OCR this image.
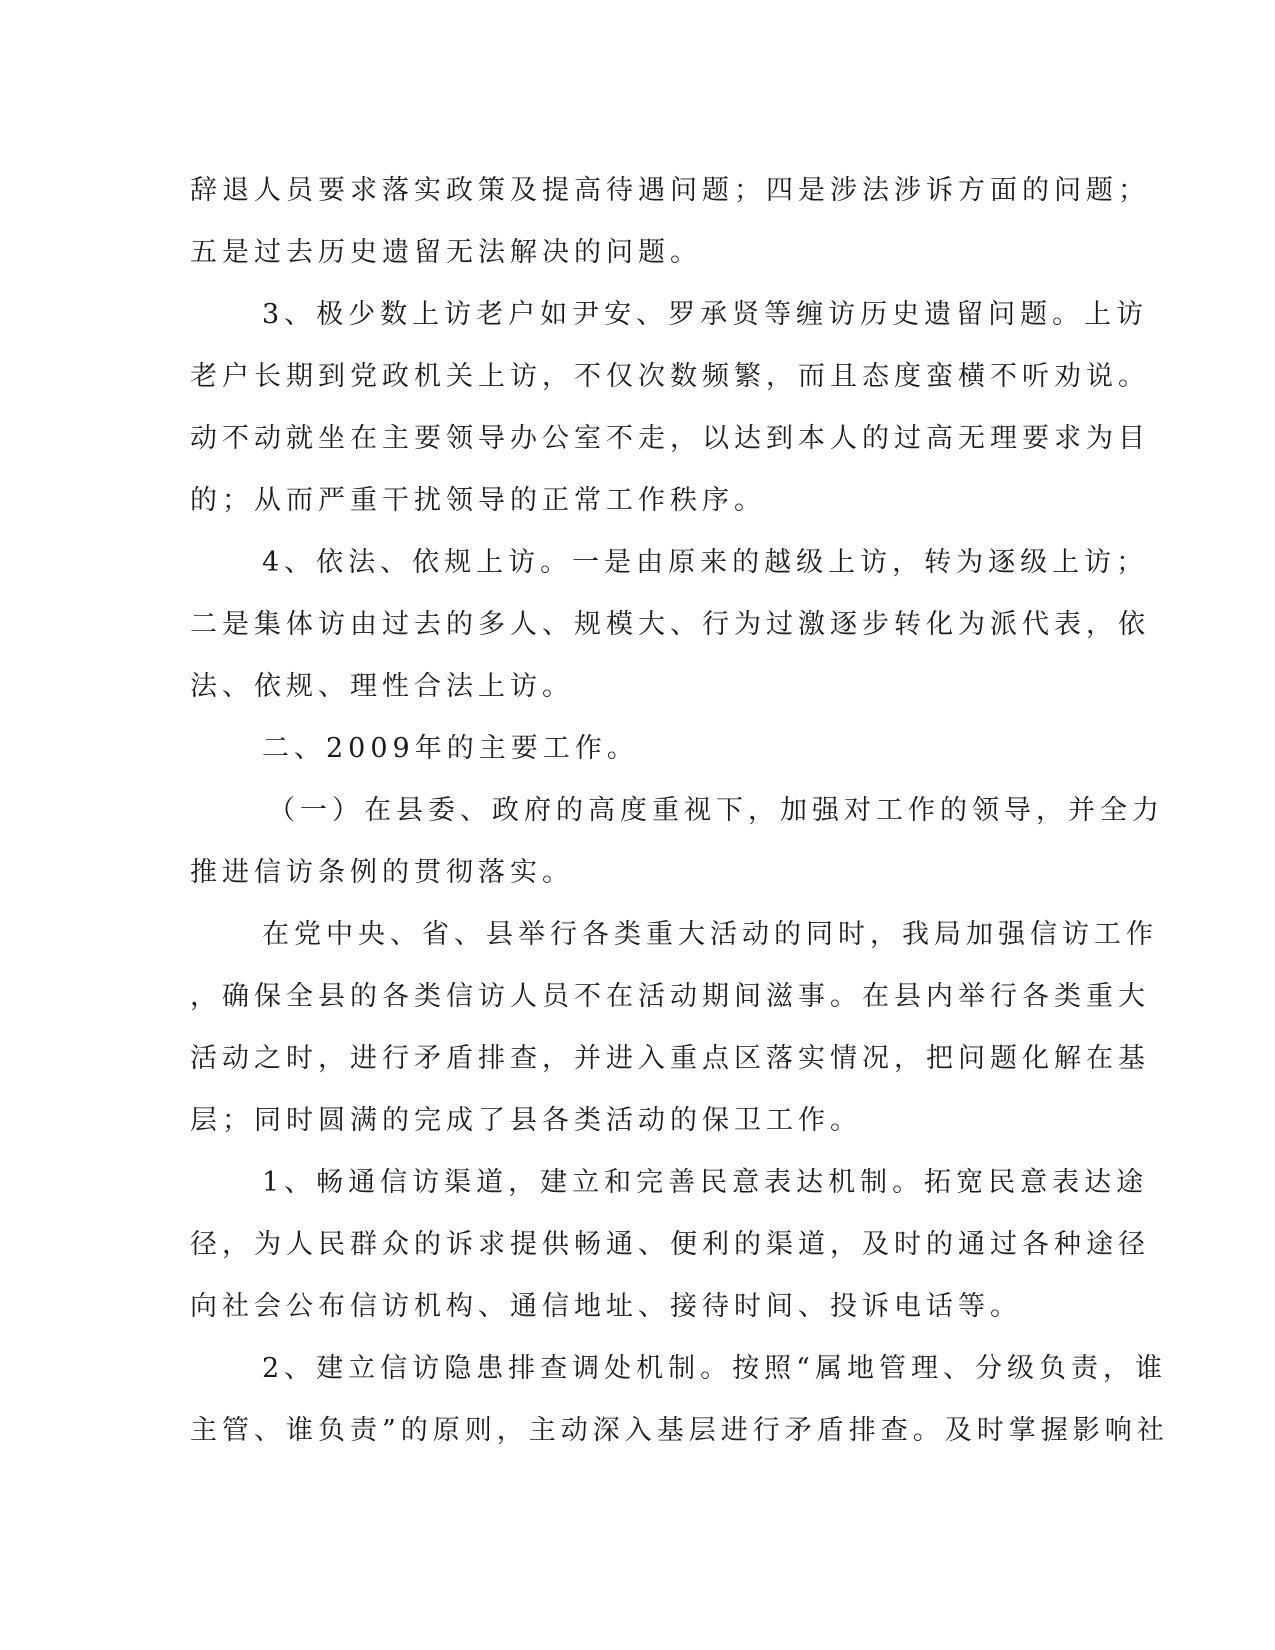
辞退人员要求落实政策及提高待遇问题；四是涉法涉诉方面的问题；
五是过去历史遗留无法解决的问题。
3、极少数上访老户如尹安、罗承贤等缠访历史遗留问题。上访
老户长期到党政机关上访，不仅次数频繁，而且态度蛮横不听劝说。
动不动就坐在主要领导办公室不走，以达到本人的过高无理要求为目
的；从而严重干扰领导的正常工作秩序。
4、依法、依规上访。一是由原来的越级上访，转为逐级上访；
二是集体访由过去的多人、规模大、行为过激逐步转化为派代表，依
法、依规、理性合法上访。
二、2009年的主要工作。
（一）在县委、政府的高度重视下，加强对工作的领导，并全力
推进信访条例的贯彻落实。
在党中央、省、县举行各类重大活动的同时，我局加强信访工作
，确保全县的各类信访人员不在活动期间滋事。在县内举行各类重大
活动之时，进行矛盾排查，并进入重点区落实情况，把问题化解在基
层；同时圆满的完成了县各类活动的保卫工作。
1、畅通信访渠道，建立和完善民意表达机制。拓宽民意表达途
径，为人民群众的诉求提供畅通、便利的渠道，及时的通过各种途径
向社会公布信访机构、通信地址、接待时间、投诉电话等。
2、建立信访隐患排查调处机制。按照“属地管理、分级负责，谁
主管、谁负责”的原则，主动深入基层进行矛盾排查。及时掌握影响社
